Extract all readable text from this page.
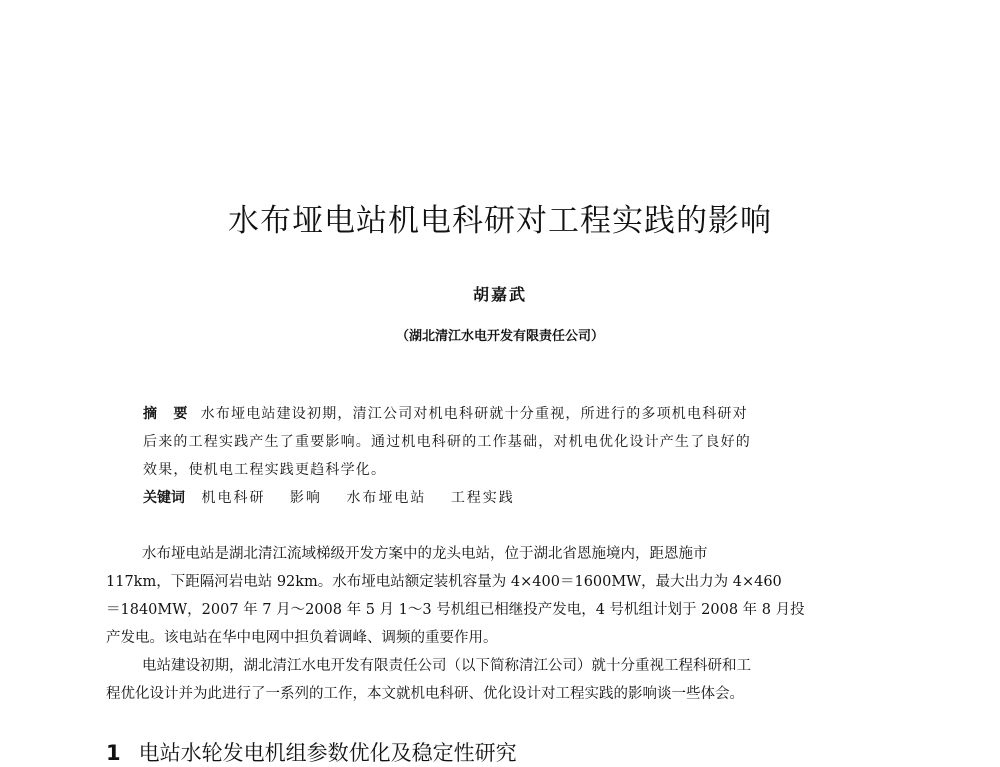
水布垭电站机电科研对工程实践的影响
胡嘉武
（湖北清江水电开发有限责任公司）
摘　要 水布垭电站建设初期，清江公司对机电科研就十分重视，所进行的多项机电科研对
后来的工程实践产生了重要影响。通过机电科研的工作基础，对机电优化设计产生了良好的
效果，使机电工程实践更趋科学化。
关键词 机电科研 影响 水布垭电站 工程实践
水布垭电站是湖北清江流域梯级开发方案中的龙头电站，位于湖北省恩施境内，距恩施市
117km，下距隔河岩电站 92km。水布垭电站额定装机容量为 4×400＝1600MW，最大出力为 4×460
＝1840MW，2007 年 7 月～2008 年 5 月 1～3 号机组已相继投产发电，4 号机组计划于 2008 年 8 月投
产发电。该电站在华中电网中担负着调峰、调频的重要作用。
电站建设初期，湖北清江水电开发有限责任公司（以下简称清江公司）就十分重视工程科研和工
程优化设计并为此进行了一系列的工作，本文就机电科研、优化设计对工程实践的影响谈一些体会。
1 电站水轮发电机组参数优化及稳定性研究
